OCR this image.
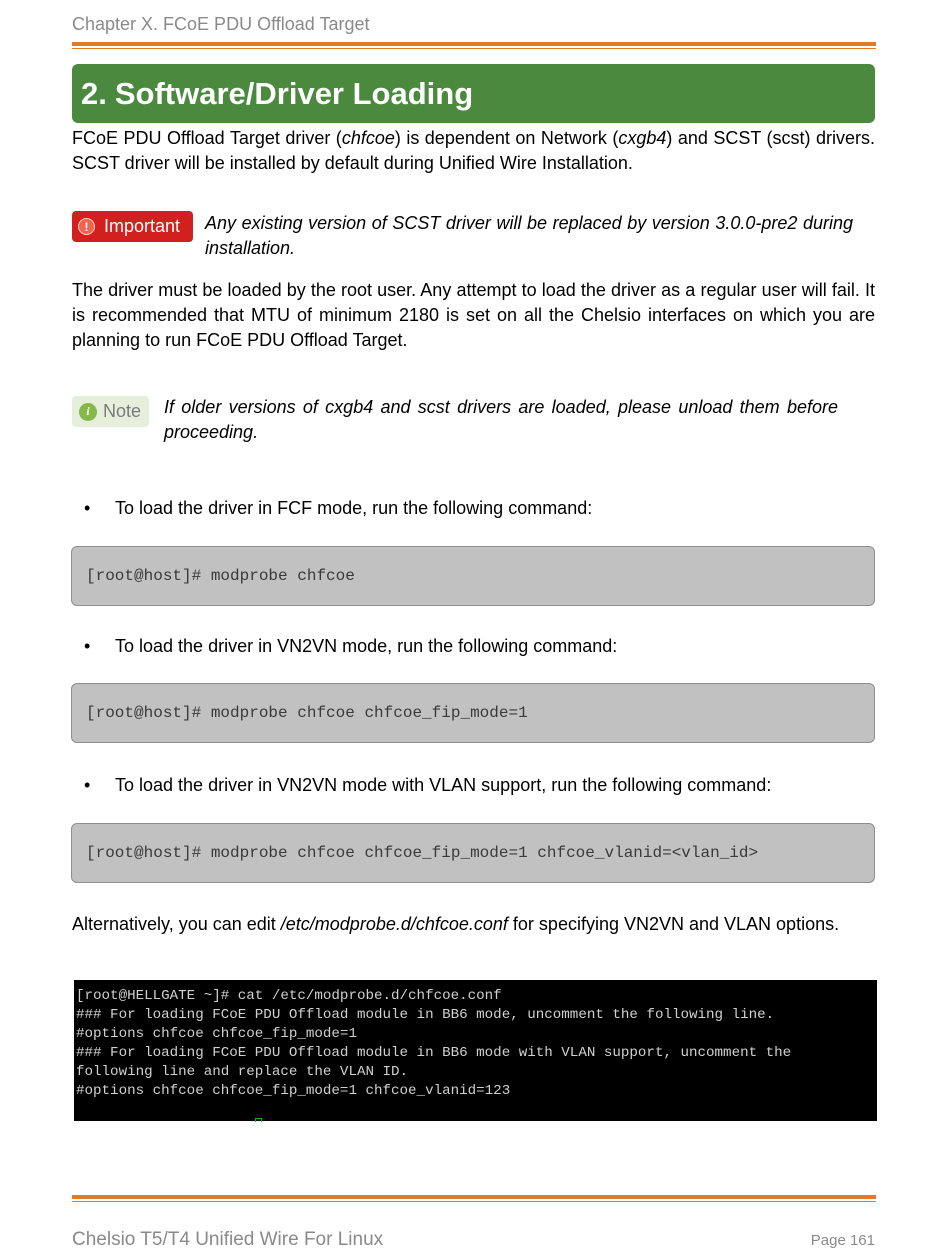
Chapter X. FCoE PDU Offload Target
2. Software/Driver Loading
FCoE PDU Offload Target driver (chfcoe) is dependent on Network (cxgb4) and SCST (scst) drivers. SCST driver will be installed by default during Unified Wire Installation.
! Important Any existing version of SCST driver will be replaced by version 3.0.0-pre2 during installation.
The driver must be loaded by the root user. Any attempt to load the driver as a regular user will fail. It is recommended that MTU of minimum 2180 is set on all the Chelsio interfaces on which you are planning to run FCoE PDU Offload Target.
i Note If older versions of cxgb4 and scst drivers are loaded, please unload them before proceeding.
• To load the driver in FCF mode, run the following command:
[root@host]# modprobe chfcoe
• To load the driver in VN2VN mode, run the following command:
[root@host]# modprobe chfcoe chfcoe_fip_mode=1
• To load the driver in VN2VN mode with VLAN support, run the following command:
[root@host]# modprobe chfcoe chfcoe_fip_mode=1 chfcoe_vlanid=<vlan_id>
Alternatively, you can edit /etc/modprobe.d/chfcoe.conf for specifying VN2VN and VLAN options.
[root@HELLGATE ~]# cat /etc/modprobe.d/chfcoe.conf
### For loading FCoE PDU Offload module in BB6 mode, uncomment the following line.
#options chfcoe chfcoe_fip_mode=1
### For loading FCoE PDU Offload module in BB6 mode with VLAN support, uncomment the
following line and replace the VLAN ID.
#options chfcoe chfcoe_fip_mode=1 chfcoe_vlanid=123
Chelsio T5/T4 Unified Wire For Linux	Page 161
